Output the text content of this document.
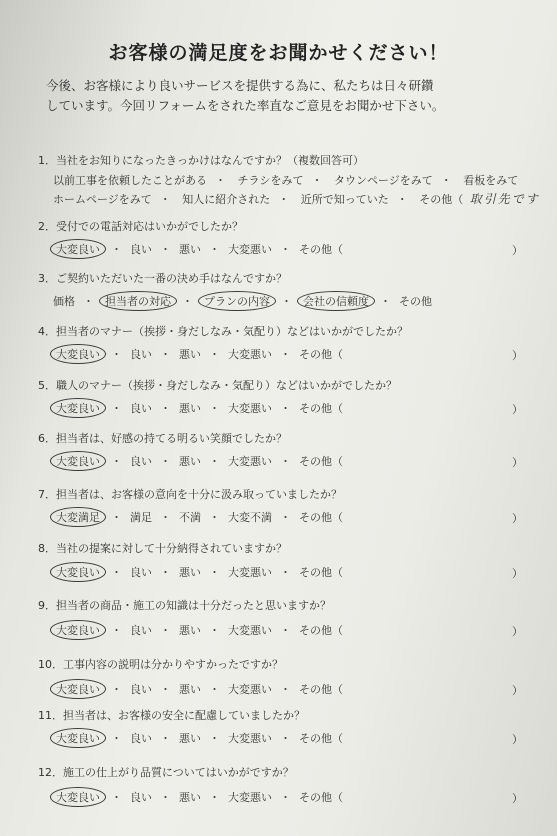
お客様の満足度をお聞かせください！
今後、お客様により良いサービスを提供する為に、私たちは日々研鑽
しています。今回リフォームをされた率直なご意見をお聞かせ下さい。
1．当社をお知りになったきっかけはなんですか？（複数回答可）
以前工事を依頼したことがある ・ チラシをみて ・ タウンページをみて ・ 看板をみて
ホームページをみて ・ 知人に紹介された ・ 近所で知っていた ・ その他（ 取引先です
2．受付での電話対応はいかがでしたか？
大変良い ・ 良い ・ 悪い ・ 大変悪い ・ その他（	）
3．ご契約いただいた一番の決め手はなんですか？
価格 ・ 担当者の対応 ・ プランの内容 ・ 会社の信頼度 ・ その他
4．担当者のマナー（挨拶・身だしなみ・気配り）などはいかがでしたか？
大変良い ・ 良い ・ 悪い ・ 大変悪い ・ その他（	）
5．職人のマナー（挨拶・身だしなみ・気配り）などはいかがでしたか？
大変良い ・ 良い ・ 悪い ・ 大変悪い ・ その他（	）
6．担当者は、好感の持てる明るい笑顔でしたか？
大変良い ・ 良い ・ 悪い ・ 大変悪い ・ その他（	）
7．担当者は、お客様の意向を十分に汲み取っていましたか？
大変満足 ・ 満足 ・ 不満 ・ 大変不満 ・ その他（	）
8．当社の提案に対して十分納得されていますか？
大変良い ・ 良い ・ 悪い ・ 大変悪い ・ その他（	）
9．担当者の商品・施工の知識は十分だったと思いますか？
大変良い ・ 良い ・ 悪い ・ 大変悪い ・ その他（	）
10．工事内容の説明は分かりやすかったですか？
大変良い ・ 良い ・ 悪い ・ 大変悪い ・ その他（	）
11．担当者は、お客様の安全に配慮していましたか？
大変良い ・ 良い ・ 悪い ・ 大変悪い ・ その他（	）
12．施工の仕上がり品質についてはいかがですか？
大変良い ・ 良い ・ 悪い ・ 大変悪い ・ その他（	）
